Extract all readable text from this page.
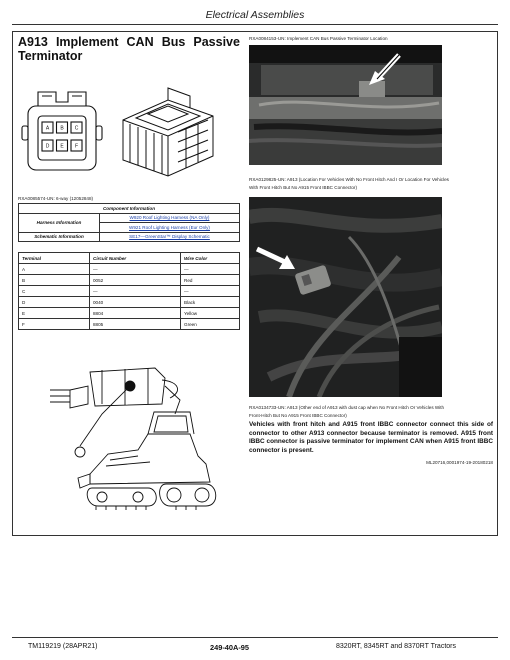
Electrical Assemblies
A913 Implement CAN Bus Passive
Terminator
A B C
D E F
RXA0085574-UN: 6-way (12052848)
Component Information	
Harness Information	W920 Roof Lighting Harness (NA Only)
	W921 Roof Lighting Harness (Eur Only)
Schematic Information	SE17—GreenStar™ Display Schematic
Terminal	Circuit Number	Wire Color
A	—	—
B	0052	Red
C	—	—
D	0040	Black
E	8804	Yellow
F	8805	Green
RXA0084153-UN: Implement CAN Bus Passive Terminator Location
RXA0129825-UN: A913 (Location For Vehicles With No Front Hitch And I Or Location For Vehicles
With Front Hitch But No A915 Front IBBC Connector)
RXA0134733-UN: A913 (Other end of A913 with dust cap when No Front Hitch Or Vehicles With
Front-Hitch But No A915 Front IBBC Connector)
Vehicles with front hitch and A915 front IBBC connector connect this side of connector to other A913 connector because terminator is removed. A915 front IBBC connector is passive terminator for implement CAN when A915 front IBBC connector is present.
ML20716,0001974-19-20180218
TM119219 (28APR21)	249-40A-95	8320RT, 8345RT and 8370RT Tractors
